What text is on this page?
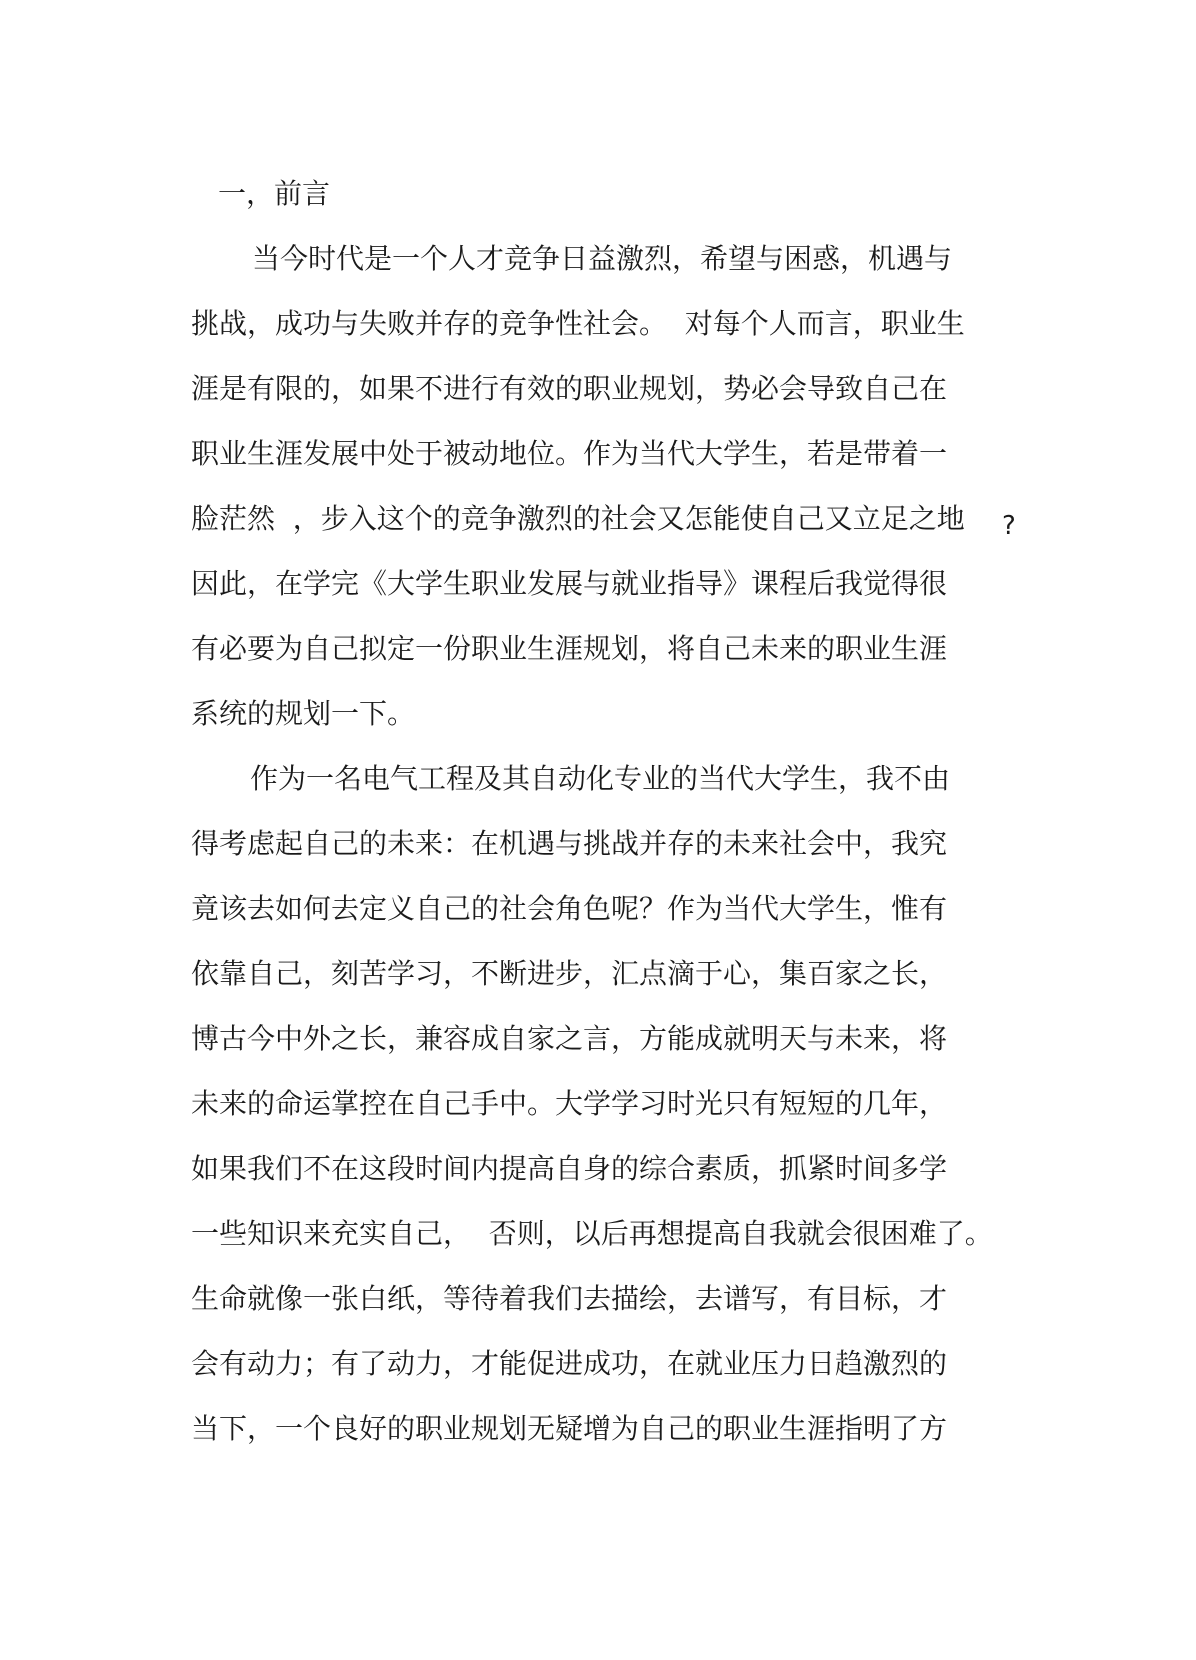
一，前言
当今时代是一个人才竞争日益激烈，希望与困惑，机遇与
挑战，成功与失败并存的竞争性社会。  对每个人而言，职业生
涯是有限的，如果不进行有效的职业规划，势必会导致自己在
职业生涯发展中处于被动地位。作为当代大学生，若是带着一
脸茫然  ，步入这个的竞争激烈的社会又怎能使自己又立足之地 ?
因此，在学完《大学生职业发展与就业指导》课程后我觉得很
有必要为自己拟定一份职业生涯规划，将自己未来的职业生涯
系统的规划一下。
作为一名电气工程及其自动化专业的当代大学生，我不由
得考虑起自己的未来：在机遇与挑战并存的未来社会中，我究
竟该去如何去定义自己的社会角色呢？作为当代大学生，惟有
依靠自己，刻苦学习，不断进步，汇点滴于心，集百家之长，
博古今中外之长，兼容成自家之言，方能成就明天与未来，将
未来的命运掌控在自己手中。大学学习时光只有短短的几年，
如果我们不在这段时间内提高自身的综合素质，抓紧时间多学
一些知识来充实自己，  否则，以后再想提高自我就会很困难了。
生命就像一张白纸，等待着我们去描绘，去谱写，有目标，才
会有动力；有了动力，才能促进成功，在就业压力日趋激烈的
当下，一个良好的职业规划无疑增为自己的职业生涯指明了方
